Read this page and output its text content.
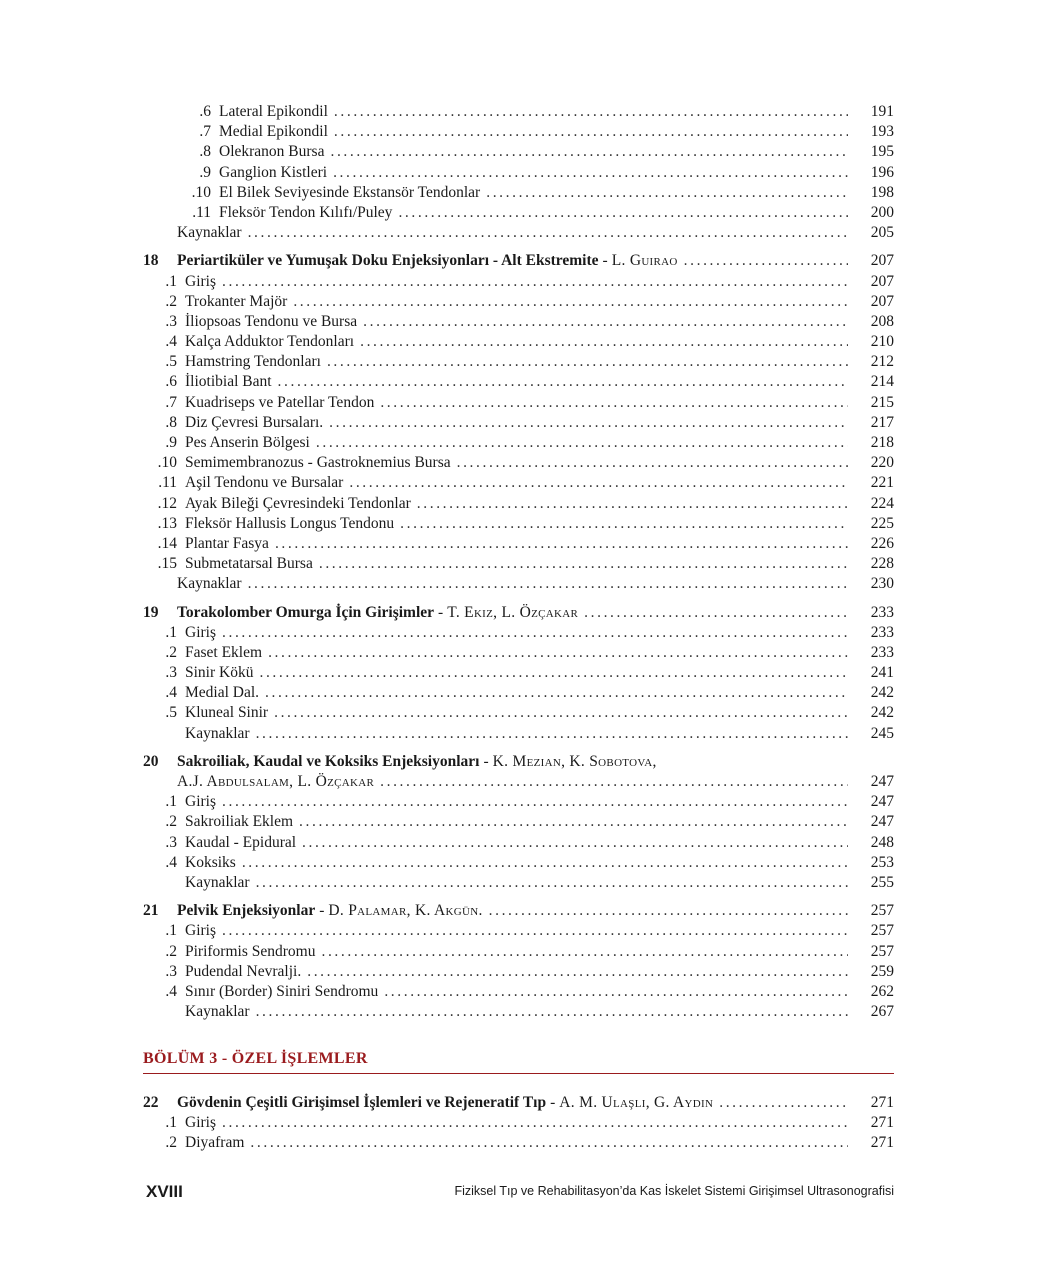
.6 Lateral Epikondil .....	191
.7 Medial Epikondil .....	193
.8 Olekranon Bursa .....	195
.9 Ganglion Kistleri .....	196
.10 El Bilek Seviyesinde Ekstansör Tendonlar .....	198
.11 Fleksör Tendon Kılıfı/Puley .....	200
Kaynaklar .....	205
18	Periartiküler ve Yumuşak Doku Enjeksiyonları - Alt Ekstremite - L. Guirao .....	207
.1 Giriş .....	207
.2 Trokanter Majör .....	207
.3 İliopsoas Tendonu ve Bursa .....	208
.4 Kalça Adduktor Tendonları .....	210
.5 Hamstring Tendonları .....	212
.6 İliotibial Bant .....	214
.7 Kuadriseps ve Patellar Tendon .....	215
.8 Diz Çevresi Bursaları. .....	217
.9 Pes Anserin Bölgesi .....	218
.10 Semimembranozus - Gastroknemius Bursa .....	220
.11 Aşil Tendonu ve Bursalar .....	221
.12 Ayak Bileği Çevresindeki Tendonlar .....	224
.13 Fleksör Hallusis Longus Tendonu .....	225
.14 Plantar Fasya .....	226
.15 Submetatarsal Bursa .....	228
Kaynaklar .....	230
19	Torakolomber Omurga İçin Girişimler - T. Ekiz, L. Özçakar .....	233
.1 Giriş .....	233
.2 Faset Eklem .....	233
.3 Sinir Kökü .....	241
.4 Medial Dal. .....	242
.5 Kluneal Sinir .....	242
Kaynaklar .....	245
20	Sakroiliak, Kaudal ve Koksiks Enjeksiyonları - K. Mezian, K. Sobotova,
A.J. Abdulsalam, L. Özçakar .....	247
.1 Giriş .....	247
.2 Sakroiliak Eklem .....	247
.3 Kaudal - Epidural .....	248
.4 Koksiks .....	253
Kaynaklar .....	255
21	Pelvik Enjeksiyonlar - D. Palamar, K. Akgün. .....	257
.1 Giriş .....	257
.2 Piriformis Sendromu .....	257
.3 Pudendal Nevralji. .....	259
.4 Sınır (Border) Siniri Sendromu .....	262
Kaynaklar .....	267
BÖLÜM 3 - ÖZEL İŞLEMLER
22	Gövdenin Çeşitli Girişimsel İşlemleri ve Rejeneratif Tıp - A. M. Ulaşlı, G. Aydın .....	271
.1 Giriş .....	271
.2 Diyafram .....	271
XVIII	Fiziksel Tıp ve Rehabilitasyon’da Kas İskelet Sistemi Girişimsel Ultrasonografisi
